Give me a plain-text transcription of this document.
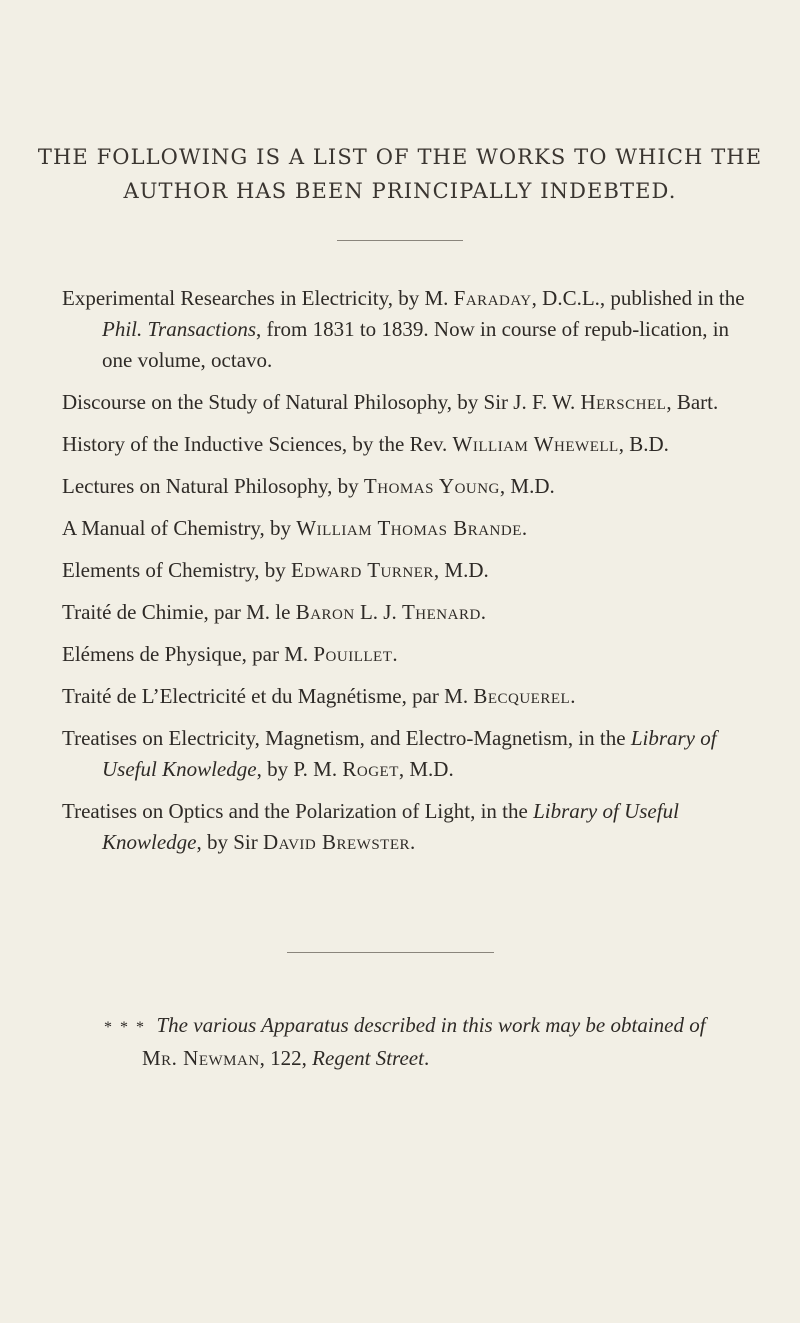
THE FOLLOWING IS A LIST OF THE WORKS TO WHICH THE
AUTHOR HAS BEEN PRINCIPALLY INDEBTED.

Experimental Researches in Electricity, by M. Faraday, D.C.L., published in the Phil. Transactions, from 1831 to 1839. Now in course of repub-lication, in one volume, octavo.

Discourse on the Study of Natural Philosophy, by Sir J. F. W. Herschel, Bart.

History of the Inductive Sciences, by the Rev. William Whewell, B.D.

Lectures on Natural Philosophy, by Thomas Young, M.D.

A Manual of Chemistry, by William Thomas Brande.

Elements of Chemistry, by Edward Turner, M.D.

Traité de Chimie, par M. le Baron L. J. Thenard.

Elémens de Physique, par M. Pouillet.

Traité de L’Electricité et du Magnétisme, par M. Becquerel.

Treatises on Electricity, Magnetism, and Electro-Magnetism, in the Library of Useful Knowledge, by P. M. Roget, M.D.

Treatises on Optics and the Polarization of Light, in the Library of Useful Knowledge, by Sir David Brewster.

* * * The various Apparatus described in this work may be obtained of
Mr. Newman, 122, Regent Street.
